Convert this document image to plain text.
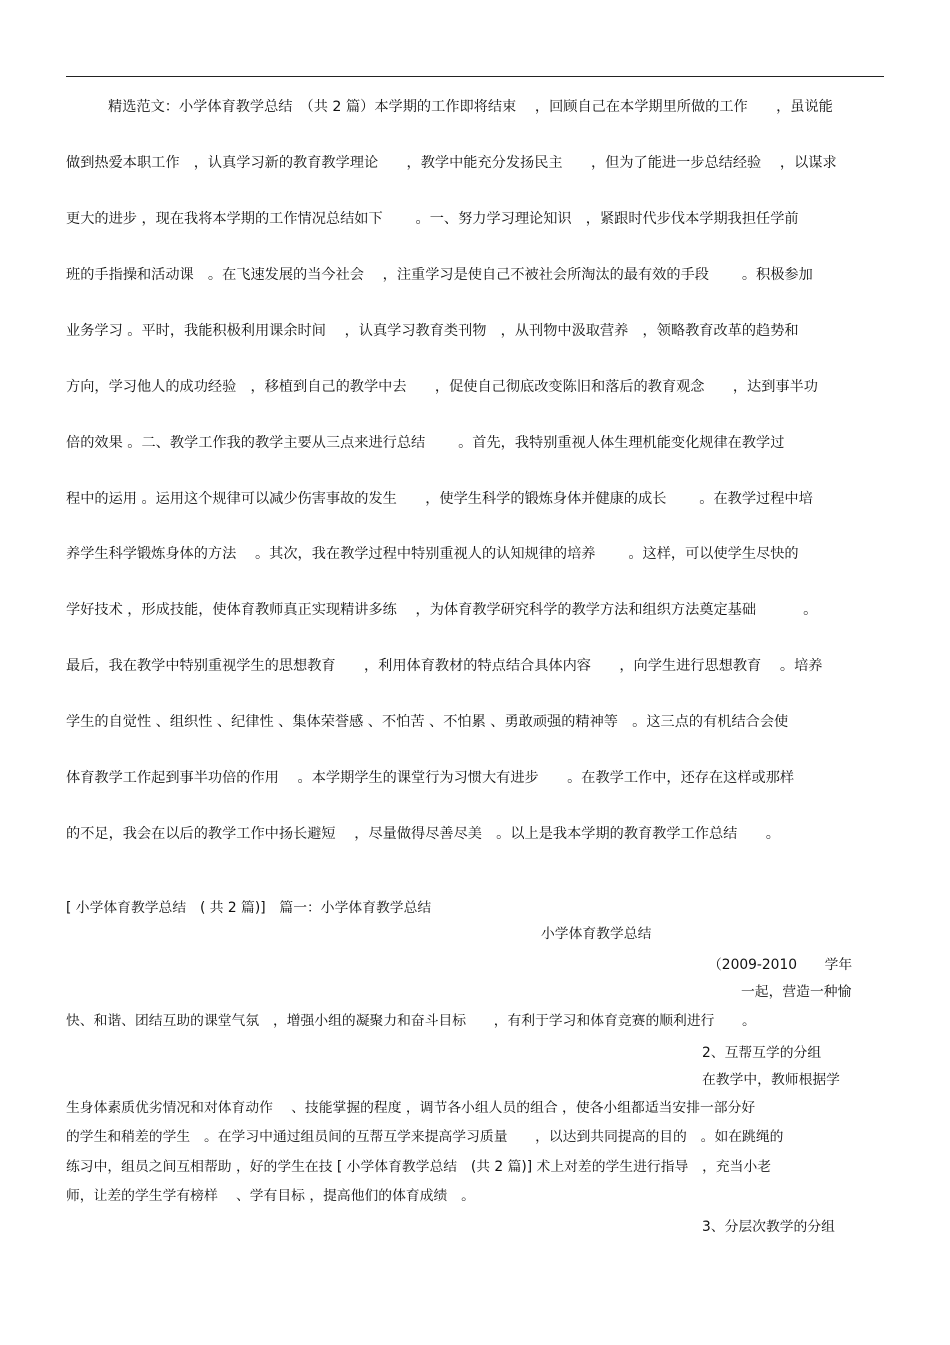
精选范文：小学体育教学总结　（共 2 篇）本学期的工作即将结束　 ，回顾自己在本学期里所做的工作　　，虽说能
做到热爱本职工作　，认真学习新的教育教学理论　　，教学中能充分发扬民主　　，但为了能进一步总结经验　 ，以谋求
更大的进步 ，现在我将本学期的工作情况总结如下　　 。一、努力学习理论知识　，紧跟时代步伐本学期我担任学前
班的手指操和活动课　。在飞速发展的当今社会　 ，注重学习是使自己不被社会所淘汰的最有效的手段　　 。积极参加
业务学习 。平时，我能积极利用课余时间　 ，认真学习教育类刊物　，从刊物中汲取营养　，领略教育改革的趋势和
方向，学习他人的成功经验　，移植到自己的教学中去　　，促使自己彻底改变陈旧和落后的教育观念　　，达到事半功
倍的效果 。二、教学工作我的教学主要从三点来进行总结　　 。首先，我特别重视人体生理机能变化规律在教学过
程中的运用 。运用这个规律可以减少伤害事故的发生　　，使学生科学的锻炼身体并健康的成长　　 。在教学过程中培
养学生科学锻炼身体的方法　 。其次，我在教学过程中特别重视人的认知规律的培养　　 。这样，可以使学生尽快的
学好技术 ，形成技能，使体育教师真正实现精讲多练　 ，为体育教学研究科学的教学方法和组织方法奠定基础　　　 。
最后，我在教学中特别重视学生的思想教育　　，利用体育教材的特点结合具体内容　　，向学生进行思想教育　 。培养
学生的自觉性 、组织性 、纪律性 、集体荣誉感 、不怕苦 、不怕累 、勇敢顽强的精神等　。这三点的有机结合会使
体育教学工作起到事半功倍的作用　 。本学期学生的课堂行为习惯大有进步　　。在教学工作中，还存在这样或那样
的不足，我会在以后的教学工作中扬长避短　 ，尽量做得尽善尽美　。以上是我本学期的教育教学工作总结　　。
[ 小学体育教学总结　( 共 2 篇)]　篇一：小学体育教学总结
小学体育教学总结
（2009-2010　　学年
一起，营造一种愉
快、和谐、团结互助的课堂气氛　，增强小组的凝聚力和奋斗目标　　，有利于学习和体育竞赛的顺利进行　　。
2、互帮互学的分组
在教学中，教师根据学
生身体素质优劣情况和对体育动作　 、技能掌握的程度 ，调节各小组人员的组合 ，使各小组都适当安排一部分好
的学生和稍差的学生　。在学习中通过组员间的互帮互学来提高学习质量　　，以达到共同提高的目的　。如在跳绳的
练习中，组员之间互相帮助 ，好的学生在技 [ 小学体育教学总结　(共 2 篇)] 术上对差的学生进行指导　，充当小老
师，让差的学生学有榜样　 、学有目标 ，提高他们的体育成绩　。
3、分层次教学的分组
